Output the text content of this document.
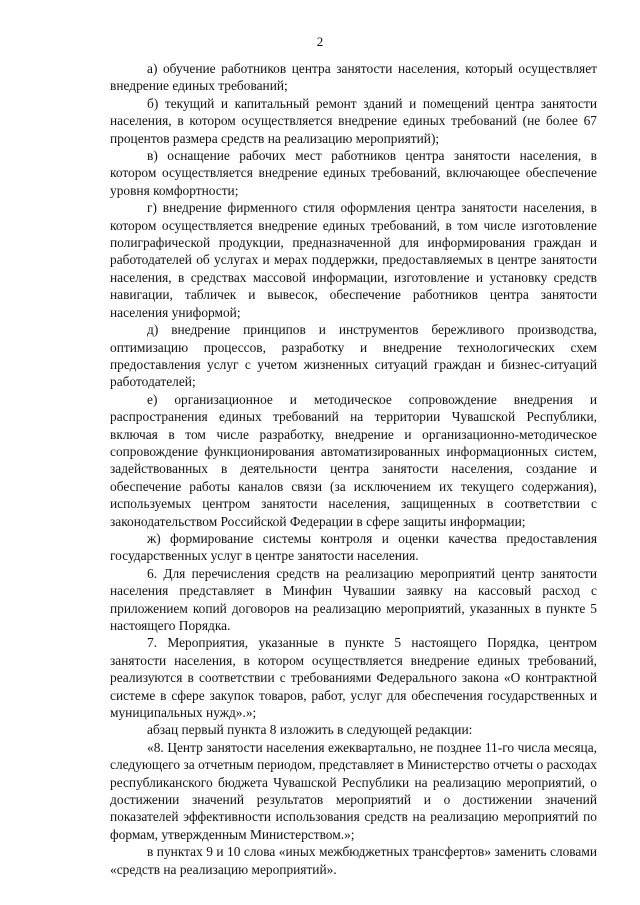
2

а) обучение работников центра занятости населения, который осуществляет внедрение единых требований;

б) текущий и капитальный ремонт зданий и помещений центра занятости населения, в котором осуществляется внедрение единых требований (не более 67 процентов размера средств на реализацию мероприятий);

в) оснащение рабочих мест работников центра занятости населения, в котором осуществляется внедрение единых требований, включающее обеспечение уровня комфортности;

г) внедрение фирменного стиля оформления центра занятости населения, в котором осуществляется внедрение единых требований, в том числе изготовление полиграфической продукции, предназначенной для информирования граждан и работодателей об услугах и мерах поддержки, предоставляемых в центре занятости населения, в средствах массовой информации, изготовление и установку средств навигации, табличек и вывесок, обеспечение работников центра занятости населения униформой;

д) внедрение принципов и инструментов бережливого производства, оптимизацию процессов, разработку и внедрение технологических схем предоставления услуг с учетом жизненных ситуаций граждан и бизнес-ситуаций работодателей;

е) организационное и методическое сопровождение внедрения и распространения единых требований на территории Чувашской Республики, включая в том числе разработку, внедрение и организационно-методическое сопровождение функционирования автоматизированных информационных систем, задействованных в деятельности центра занятости населения, создание и обеспечение работы каналов связи (за исключением их текущего содержания), используемых центром занятости населения, защищенных в соответствии с законодательством Российской Федерации в сфере защиты информации;

ж) формирование системы контроля и оценки качества предоставления государственных услуг в центре занятости населения.

6. Для перечисления средств на реализацию мероприятий центр занятости населения представляет в Минфин Чувашии заявку на кассовый расход с приложением копий договоров на реализацию мероприятий, указанных в пункте 5 настоящего Порядка.

7. Мероприятия, указанные в пункте 5 настоящего Порядка, центром занятости населения, в котором осуществляется внедрение единых требований, реализуются в соответствии с требованиями Федерального закона «О контрактной системе в сфере закупок товаров, работ, услуг для обеспечения государственных и муниципальных нужд».»;

абзац первый пункта 8 изложить в следующей редакции:

«8. Центр занятости населения ежеквартально, не позднее 11-го числа месяца, следующего за отчетным периодом, представляет в Министерство отчеты о расходах республиканского бюджета Чувашской Республики на реализацию мероприятий, о достижении значений результатов мероприятий и о достижении значений показателей эффективности использования средств на реализацию мероприятий по формам, утвержденным Министерством.»;

в пунктах 9 и 10 слова «иных межбюджетных трансфертов» заменить словами «средств на реализацию мероприятий».
